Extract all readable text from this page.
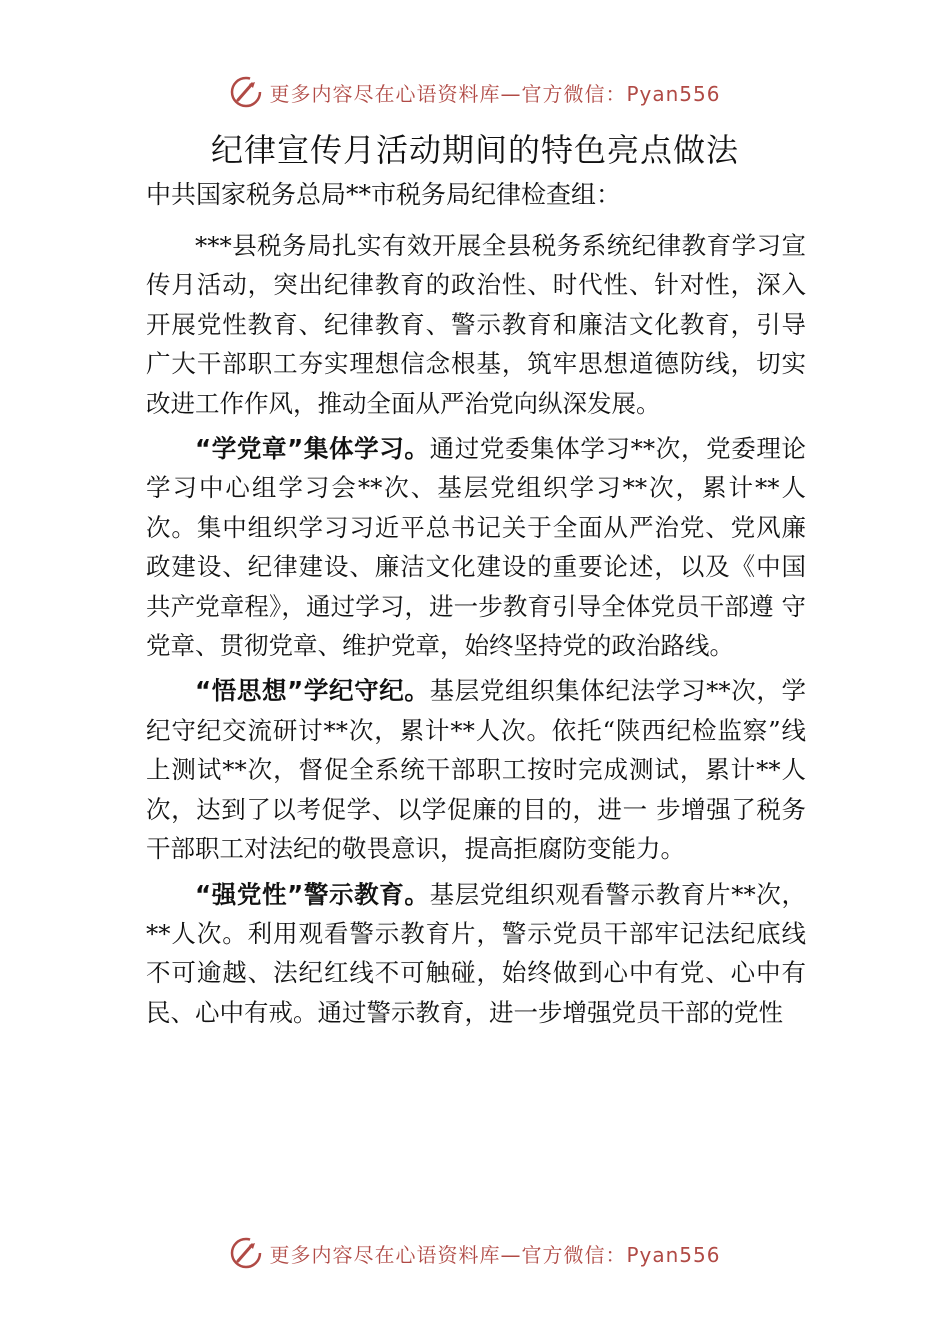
更多内容尽在心语资料库—官方微信：Pyan556
纪律宣传月活动期间的特色亮点做法
中共国家税务总局**市税务局纪律检查组：

***县税务局扎实有效开展全县税务系统纪律教育学习宣传月活动，突出纪律教育的政治性、时代性、针对性，深入开展党性教育、纪律教育、警示教育和廉洁文化教育，引导广大干部职工夯实理想信念根基，筑牢思想道德防线，切实改进工作作风，推动全面从严治党向纵深发展。

“学党章”集体学习。通过党委集体学习**次，党委理论学习中心组学习会**次、基层党组织学习**次，累计**人次。集中组织学习习近平总书记关于全面从严治党、党风廉政建设、纪律建设、廉洁文化建设的重要论述，以及《中国共产党章程》，通过学习，进一步教育引导全体党员干部遵 守党章、贯彻党章、维护党章，始终坚持党的政治路线。

“悟思想”学纪守纪。基层党组织集体纪法学习**次，学纪守纪交流研讨**次，累计**人次。依托“陕西纪检监察”线上测试**次，督促全系统干部职工按时完成测试，累计**人次，达到了以考促学、以学促廉的目的，进一 步增强了税务干部职工对法纪的敬畏意识，提高拒腐防变能力。

“强党性”警示教育。基层党组织观看警示教育片**次，**人次。利用观看警示教育片，警示党员干部牢记法纪底线不可逾越、法纪红线不可触碰，始终做到心中有党、心中有民、心中有戒。通过警示教育，进一步增强党员干部的党性

更多内容尽在心语资料库—官方微信：Pyan556
